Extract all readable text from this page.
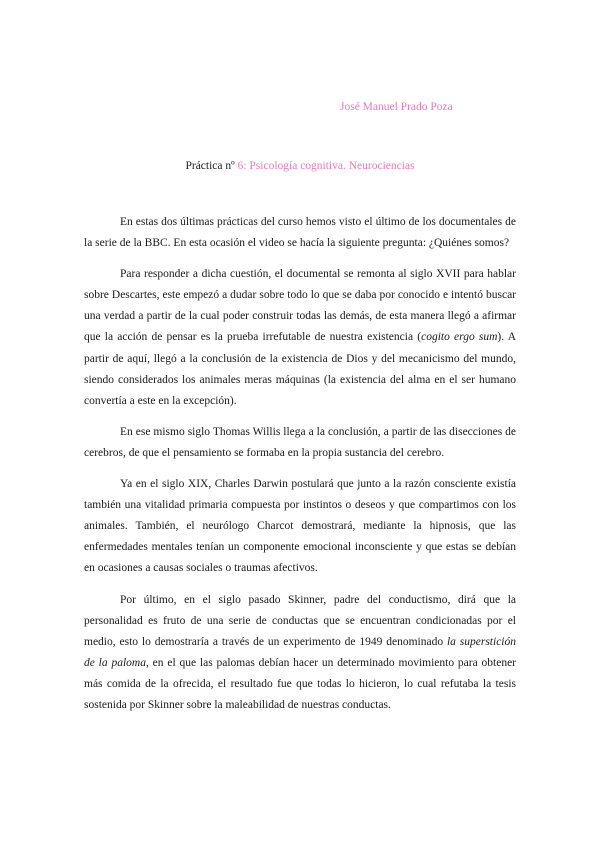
José Manuel Prado Poza
Práctica nº 6: Psicología cognitiva. Neurociencias

En estas dos últimas prácticas del curso hemos visto el último de los documentales de la serie de la BBC. En esta ocasión el video se hacía la siguiente pregunta: ¿Quiénes somos?

Para responder a dicha cuestión, el documental se remonta al siglo XVII para hablar sobre Descartes, este empezó a dudar sobre todo lo que se daba por conocido e intentó buscar una verdad a partir de la cual poder construir todas las demás, de esta manera llegó a afirmar que la acción de pensar es la prueba irrefutable de nuestra existencia (cogito ergo sum). A partir de aquí, llegó a la conclusión de la existencia de Dios y del mecanicismo del mundo, siendo considerados los animales meras máquinas (la existencia del alma en el ser humano convertía a este en la excepción).

En ese mismo siglo Thomas Willis llega a la conclusión, a partir de las disecciones de cerebros, de que el pensamiento se formaba en la propia sustancia del cerebro.

Ya en el siglo XIX, Charles Darwin postulará que junto a la razón consciente existía también una vitalidad primaria compuesta por instintos o deseos y que compartimos con los animales. También, el neurólogo Charcot demostrará, mediante la hipnosis, que las enfermedades mentales tenían un componente emocional inconsciente y que estas se debían en ocasiones a causas sociales o traumas afectivos.

Por último, en el siglo pasado Skinner, padre del conductismo, dirá que la personalidad es fruto de una serie de conductas que se encuentran condicionadas por el medio, esto lo demostraría a través de un experimento de 1949 denominado la superstición de la paloma, en el que las palomas debían hacer un determinado movimiento para obtener más comida de la ofrecida, el resultado fue que todas lo hicieron, lo cual refutaba la tesis sostenida por Skinner sobre la maleabilidad de nuestras conductas.
